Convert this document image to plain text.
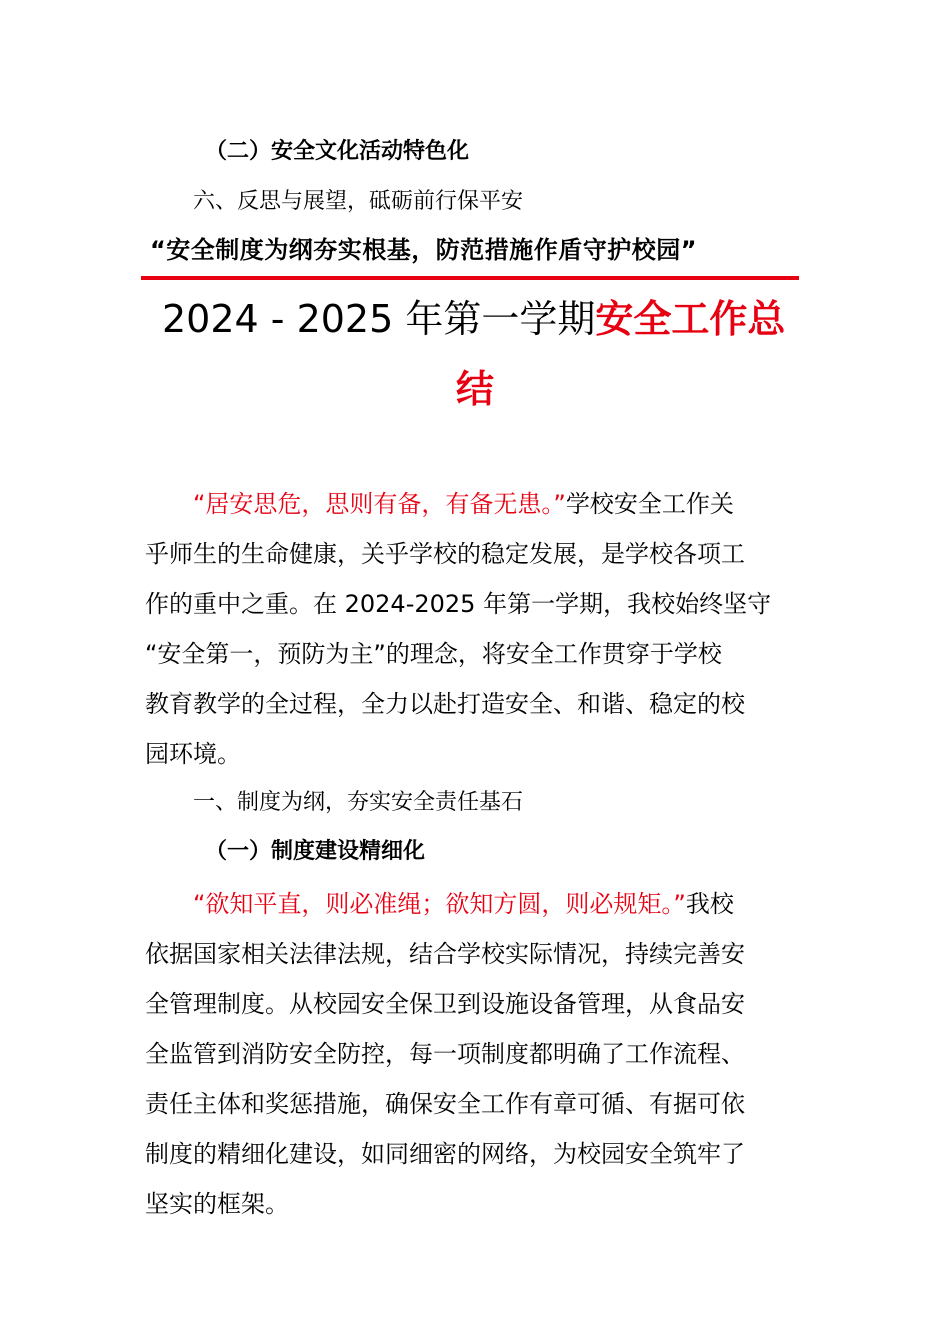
（二）安全文化活动特色化

六、反思与展望，砥砺前行保平安

“安全制度为纲夯实根基，防范措施作盾守护校园”

2024 - 2025 年第一学期安全工作总

结

“居安思危，思则有备，有备无患。”学校安全工作关

乎师生的生命健康，关乎学校的稳定发展，是学校各项工

作的重中之重。在 2024-2025 年第一学期，我校始终坚守

“安全第一，预防为主”的理念，将安全工作贯穿于学校

教育教学的全过程，全力以赴打造安全、和谐、稳定的校

园环境。

一、制度为纲，夯实安全责任基石

（一）制度建设精细化

“欲知平直，则必准绳；欲知方圆，则必规矩。”我校

依据国家相关法律法规，结合学校实际情况，持续完善安

全管理制度。从校园安全保卫到设施设备管理，从食品安

全监管到消防安全防控，每一项制度都明确了工作流程、

责任主体和奖惩措施，确保安全工作有章可循、有据可依

制度的精细化建设，如同细密的网络，为校园安全筑牢了

坚实的框架。
